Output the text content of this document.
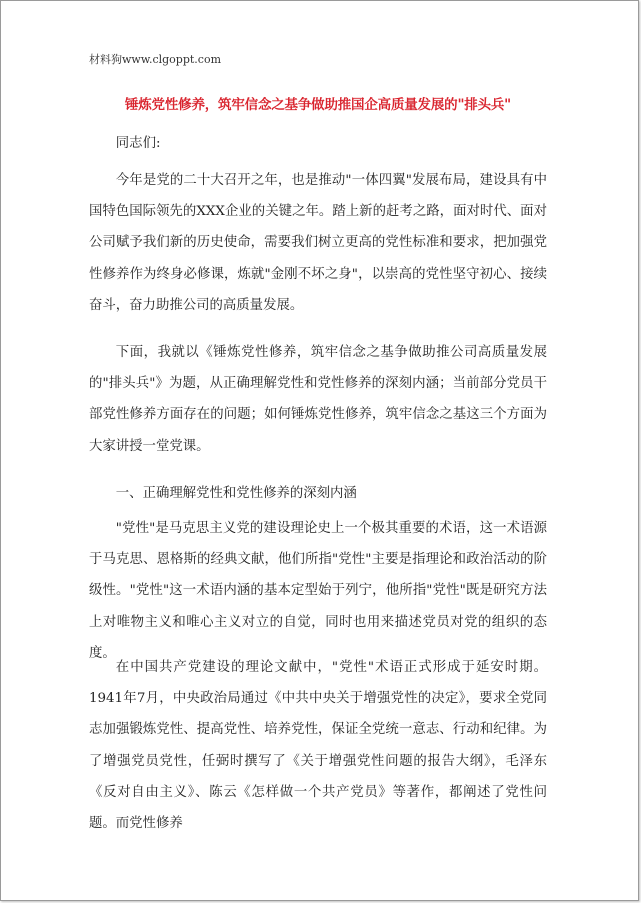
材料狗www.clgoppt.com
锤炼党性修养，筑牢信念之基争做助推国企高质量发展的"排头兵"

同志们:

今年是党的二十大召开之年，也是推动"一体四翼"发展布局，建设具有中国特色国际领先的XXX企业的关键之年。踏上新的赶考之路，面对时代、面对公司赋予我们新的历史使命，需要我们树立更高的党性标准和要求，把加强党性修养作为终身必修课，炼就"金刚不坏之身"，以崇高的党性坚守初心、接续奋斗，奋力助推公司的高质量发展。

下面，我就以《锤炼党性修养，筑牢信念之基争做助推公司高质量发展的"排头兵"》为题，从正确理解党性和党性修养的深刻内涵；当前部分党员干部党性修养方面存在的问题；如何锤炼党性修养，筑牢信念之基这三个方面为大家讲授一堂党课。

一、正确理解党性和党性修养的深刻内涵

"党性"是马克思主义党的建设理论史上一个极其重要的术语，这一术语源于马克思、恩格斯的经典文献，他们所指"党性"主要是指理论和政治活动的阶级性。"党性"这一术语内涵的基本定型始于列宁，他所指"党性"既是研究方法上对唯物主义和唯心主义对立的自觉，同时也用来描述党员对党的组织的态度。

在中国共产党建设的理论文献中，"党性"术语正式形成于延安时期。1941年7月，中央政治局通过《中共中央关于增强党性的决定》，要求全党同志加强锻炼党性、提高党性、培养党性，保证全党统一意志、行动和纪律。为了增强党员党性，任弼时撰写了《关于增强党性问题的报告大纲》，毛泽东《反对自由主义》、陈云《怎样做一个共产党员》等著作，都阐述了党性问题。而党性修养
